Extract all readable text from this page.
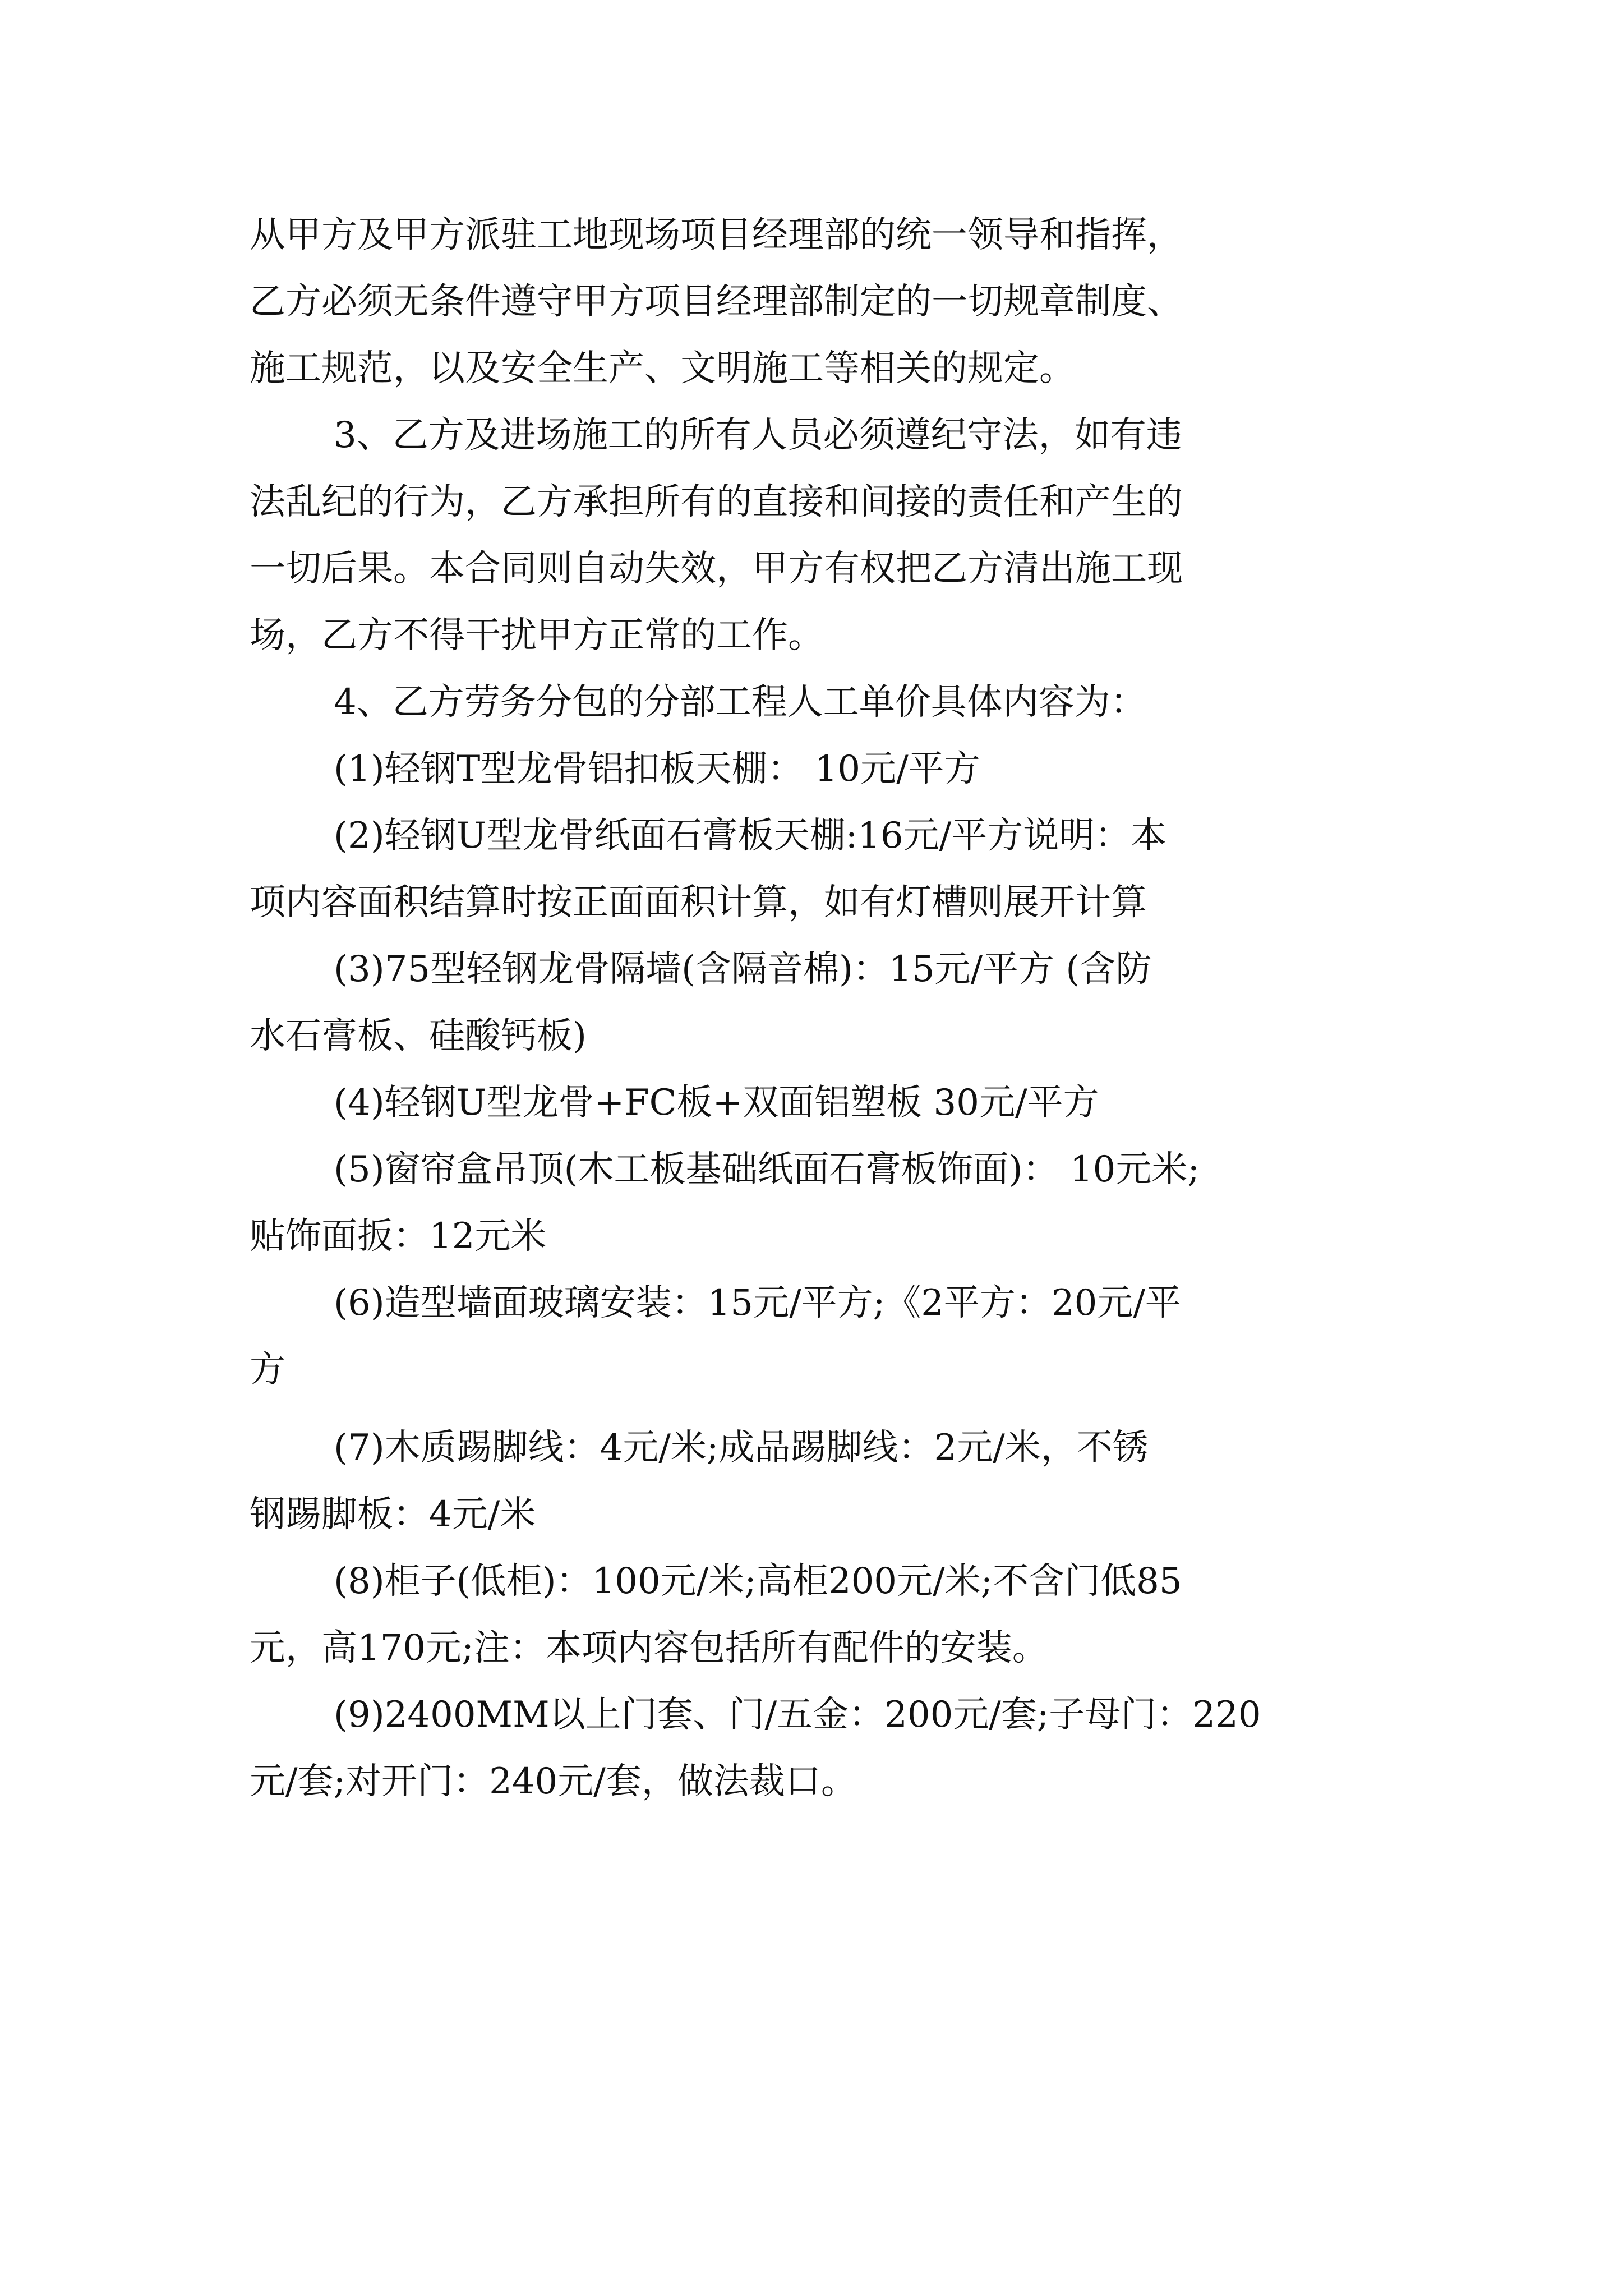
从甲方及甲方派驻工地现场项目经理部的统一领导和指挥，
乙方必须无条件遵守甲方项目经理部制定的一切规章制度、
施工规范，以及安全生产、文明施工等相关的规定。
3、乙方及进场施工的所有人员必须遵纪守法，如有违
法乱纪的行为，乙方承担所有的直接和间接的责任和产生的
一切后果。本合同则自动失效，甲方有权把乙方清出施工现
场，乙方不得干扰甲方正常的工作。
4、乙方劳务分包的分部工程人工单价具体内容为：
(1)轻钢T型龙骨铝扣板天棚： 10元/平方
(2)轻钢U型龙骨纸面石膏板天棚:16元/平方说明：本
项内容面积结算时按正面面积计算，如有灯槽则展开计算
(3)75型轻钢龙骨隔墙(含隔音棉)：15元/平方 (含防
水石膏板、硅酸钙板)
(4)轻钢U型龙骨+FC板+双面铝塑板 30元/平方
(5)窗帘盒吊顶(木工板基础纸面石膏板饰面)： 10元米;
贴饰面扳：12元米
(6)造型墙面玻璃安装：15元/平方;《2平方：20元/平
方
(7)木质踢脚线：4元/米;成品踢脚线：2元/米，不锈
钢踢脚板：4元/米
(8)柜子(低柜)：100元/米;高柜200元/米;不含门低85
元，高170元;注：本项内容包括所有配件的安装。
(9)2400MM以上门套、门/五金：200元/套;子母门：220
元/套;对开门：240元/套，做法裁口。
